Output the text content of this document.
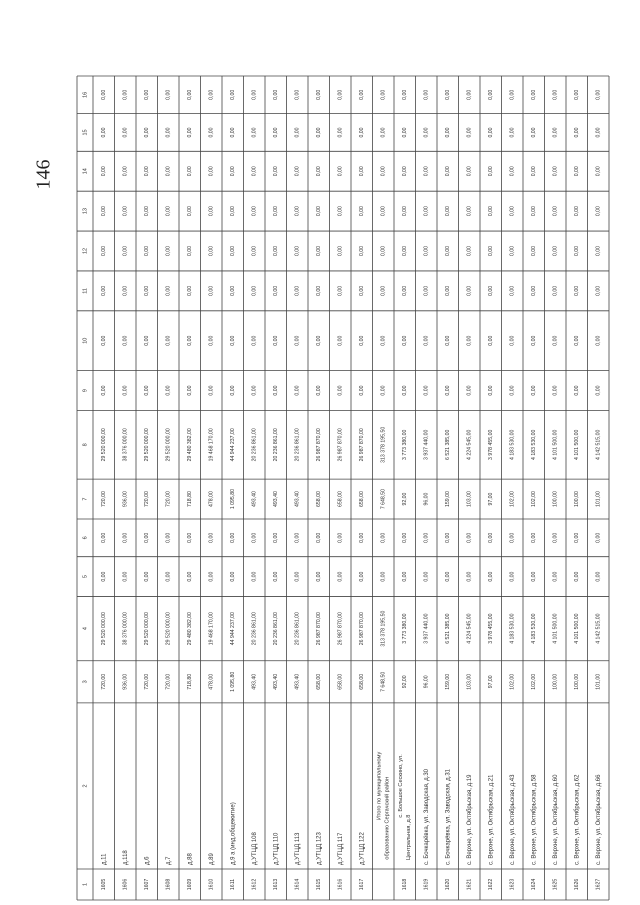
146
1
2
3
4
5
6
7
8
9
10
11
12
13
14
15
16
1605
д.11
720,00
29 520 000,00
0,00
0,00
720,00
29 520 000,00
0,00
0,00
0,00
0,00
0,00
0,00
0,00
0,00
1606
д.118
936,00
38 376 000,00
0,00
0,00
936,00
38 376 000,00
0,00
0,00
0,00
0,00
0,00
0,00
0,00
0,00
1607
д.6
720,00
29 520 000,00
0,00
0,00
720,00
29 520 000,00
0,00
0,00
0,00
0,00
0,00
0,00
0,00
0,00
1608
д.7
720,00
29 520 000,00
0,00
0,00
720,00
29 520 000,00
0,00
0,00
0,00
0,00
0,00
0,00
0,00
0,00
1609
д.88
718,80
29 480 382,00
0,00
0,00
718,80
29 480 382,00
0,00
0,00
0,00
0,00
0,00
0,00
0,00
0,00
1610
д.89
478,00
19 468 170,00
0,00
0,00
478,00
19 468 170,00
0,00
0,00
0,00
0,00
0,00
0,00
0,00
0,00
1611
д.9 а (инд.общежитие)
1 095,80
44 944 237,00
0,00
0,00
1 095,80
44 944 237,00
0,00
0,00
0,00
0,00
0,00
0,00
0,00
0,00
1612
д.УТЦД 108
493,40
20 236 861,00
0,00
0,00
493,40
20 236 861,00
0,00
0,00
0,00
0,00
0,00
0,00
0,00
0,00
1613
д.УТЦД 110
493,40
20 236 861,00
0,00
0,00
493,40
20 236 861,00
0,00
0,00
0,00
0,00
0,00
0,00
0,00
0,00
1614
д.УТЦД 113
493,40
20 236 861,00
0,00
0,00
493,40
20 236 861,00
0,00
0,00
0,00
0,00
0,00
0,00
0,00
0,00
1615
д.УТЦД 123
658,00
26 987 870,00
0,00
0,00
658,00
26 987 870,00
0,00
0,00
0,00
0,00
0,00
0,00
0,00
0,00
1616
д.УТЦД 117
658,00
26 987 870,00
0,00
0,00
658,00
26 987 870,00
0,00
0,00
0,00
0,00
0,00
0,00
0,00
0,00
1617
д.УТЦД 122
658,00
26 987 870,00
0,00
0,00
658,00
26 987 870,00
0,00
0,00
0,00
0,00
0,00
0,00
0,00
0,00
Итого по муниципальному образованию Сергачский район
7 648,50
313 378 195,50
0,00
0,00
7 648,50
313 378 195,50
0,00
0,00
0,00
0,00
0,00
0,00
0,00
0,00
1618
с. Большое Сескино, ул.
Центральная, д.8
92,00
3 773 380,00
0,00
0,00
92,00
3 773 380,00
0,00
0,00
0,00
0,00
0,00
0,00
0,00
0,00
1619
с. Бочкарёвка, ул. Заводская, д.30
96,00
3 937 440,00
0,00
0,00
96,00
3 937 440,00
0,00
0,00
0,00
0,00
0,00
0,00
0,00
0,00
1620
с. Бочкарёвка, ул. Заводская, д.31
159,00
6 521 385,00
0,00
0,00
159,00
6 521 385,00
0,00
0,00
0,00
0,00
0,00
0,00
0,00
0,00
1621
с. Верхне, ул. Октябрьская, д.19
103,00
4 224 545,00
0,00
0,00
103,00
4 224 545,00
0,00
0,00
0,00
0,00
0,00
0,00
0,00
0,00
1622
с. Верхне, ул. Октябрьская, д.21
97,00
3 978 455,00
0,00
0,00
97,00
3 978 455,00
0,00
0,00
0,00
0,00
0,00
0,00
0,00
0,00
1623
с. Верхне, ул. Октябрьская, д.43
102,00
4 183 530,00
0,00
0,00
102,00
4 183 530,00
0,00
0,00
0,00
0,00
0,00
0,00
0,00
0,00
1624
с. Верхне, ул. Октябрьская, д.58
102,00
4 183 530,00
0,00
0,00
102,00
4 183 530,00
0,00
0,00
0,00
0,00
0,00
0,00
0,00
0,00
1625
с. Верхне, ул. Октябрьская, д.60
100,00
4 101 500,00
0,00
0,00
100,00
4 101 500,00
0,00
0,00
0,00
0,00
0,00
0,00
0,00
0,00
1626
с. Верхне, ул. Октябрьская, д.62
100,00
4 101 500,00
0,00
0,00
100,00
4 101 500,00
0,00
0,00
0,00
0,00
0,00
0,00
0,00
0,00
1627
с. Верхне, ул. Октябрьская, д.66
101,00
4 142 515,00
0,00
0,00
101,00
4 142 515,00
0,00
0,00
0,00
0,00
0,00
0,00
0,00
0,00
